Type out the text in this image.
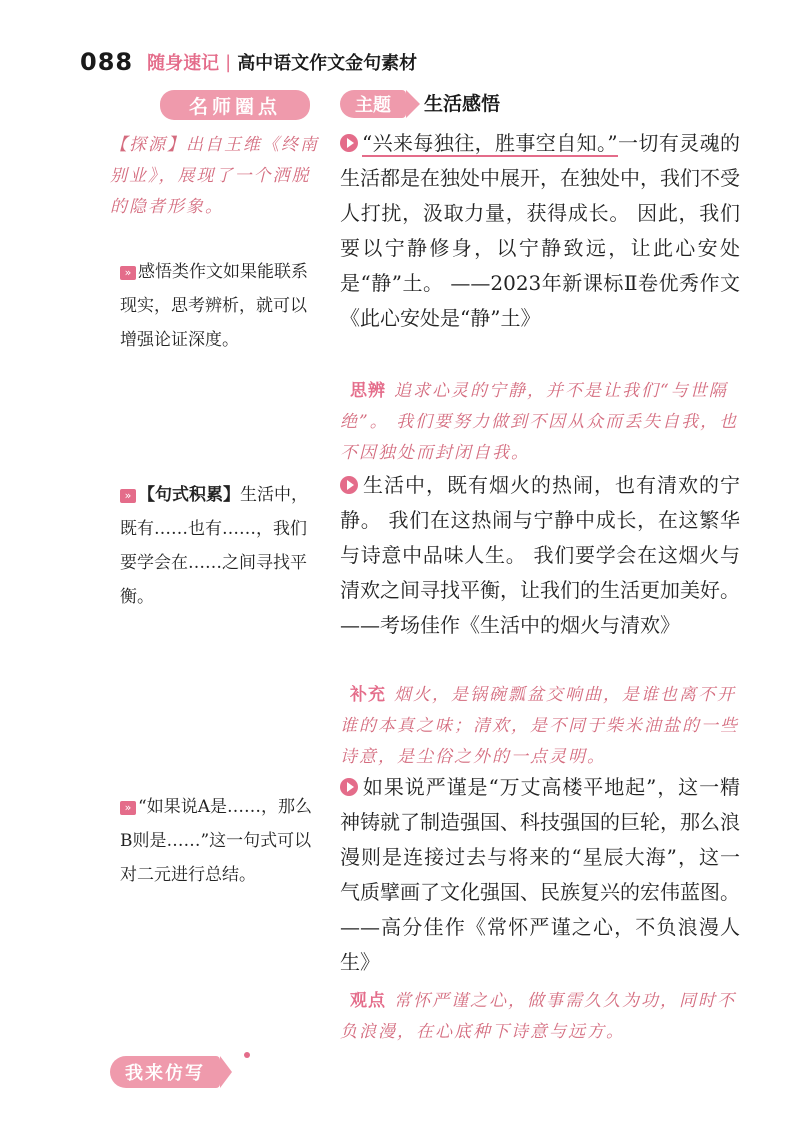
088 随身速记 | 高中语文作文金句素材
名师圈点	主题	生活感悟
【探源】出自王维《终南别业》，展现了一个洒脱的隐者形象。
» 感悟类作文如果能联系现实，思考辨析，就可以增强论证深度。
» 【句式积累】生活中，既有……也有……，我们要学会在……之间寻找平衡。
» “如果说A是……，那么B则是……”这一句式可以对二元进行总结。
“兴来每独往，胜事空自知。”一切有灵魂的生活都是在独处中展开，在独处中，我们不受人打扰，汲取力量，获得成长。 因此，我们要以宁静修身，以宁静致远，让此心安处是“静”土。 ——2023年新课标Ⅱ卷优秀作文《此心安处是“静”土》
思辨 追求心灵的宁静，并不是让我们“与世隔绝”。 我们要努力做到不因从众而丢失自我，也不因独处而封闭自我。
生活中，既有烟火的热闹，也有清欢的宁静。 我们在这热闹与宁静中成长，在这繁华与诗意中品味人生。 我们要学会在这烟火与清欢之间寻找平衡，让我们的生活更加美好。 ——考场佳作《生活中的烟火与清欢》
补充 烟火，是锅碗瓢盆交响曲，是谁也离不开谁的本真之味；清欢，是不同于柴米油盐的一些诗意，是尘俗之外的一点灵明。
如果说严谨是“万丈高楼平地起”，这一精神铸就了制造强国、科技强国的巨轮，那么浪漫则是连接过去与将来的“星辰大海”，这一气质擘画了文化强国、民族复兴的宏伟蓝图。 ——高分佳作《常怀严谨之心，不负浪漫人生》
观点 常怀严谨之心，做事需久久为功，同时不负浪漫，在心底种下诗意与远方。
我来仿写
